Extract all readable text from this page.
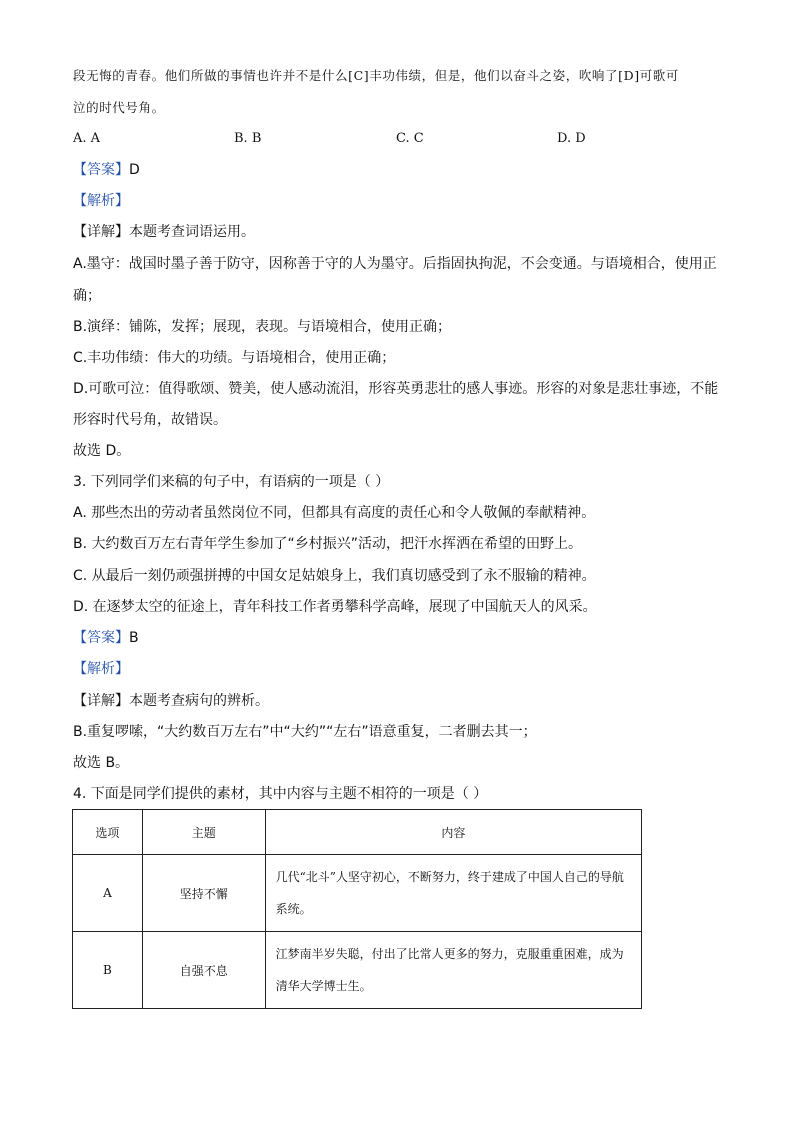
段无悔的青春。他们所做的事情也许并不是什么[C]丰功伟绩，但是，他们以奋斗之姿，吹响了[D]可歌可
泣的时代号角。
A. A	B. B	C. C	D. D
【答案】D
【解析】
【详解】本题考查词语运用。
A.墨守：战国时墨子善于防守，因称善于守的人为墨守。后指固执拘泥，不会变通。与语境相合，使用正
确；
B.演绎：铺陈，发挥；展现，表现。与语境相合，使用正确；
C.丰功伟绩：伟大的功绩。与语境相合，使用正确；
D.可歌可泣：值得歌颂、赞美，使人感动流泪，形容英勇悲壮的感人事迹。形容的对象是悲壮事迹，不能
形容时代号角，故错误。
故选 D。
3. 下列同学们来稿的句子中，有语病的一项是（ ）
A. 那些杰出的劳动者虽然岗位不同，但都具有高度的责任心和令人敬佩的奉献精神。
B. 大约数百万左右青年学生参加了“乡村振兴”活动，把汗水挥洒在希望的田野上。
C. 从最后一刻仍顽强拼搏的中国女足姑娘身上，我们真切感受到了永不服输的精神。
D. 在逐梦太空的征途上，青年科技工作者勇攀科学高峰，展现了中国航天人的风采。
【答案】B
【解析】
【详解】本题考查病句的辨析。
B.重复啰嗦，“大约数百万左右”中“大约”“左右”语意重复，二者删去其一；
故选 B。
4. 下面是同学们提供的素材，其中内容与主题不相符的一项是（ ）
选项	主题	内容
A	坚持不懈	几代“北斗”人坚守初心，不断努力，终于建成了中国人自己的导航系统。
B	自强不息	江梦南半岁失聪，付出了比常人更多的努力，克服重重困难，成为清华大学博士生。
